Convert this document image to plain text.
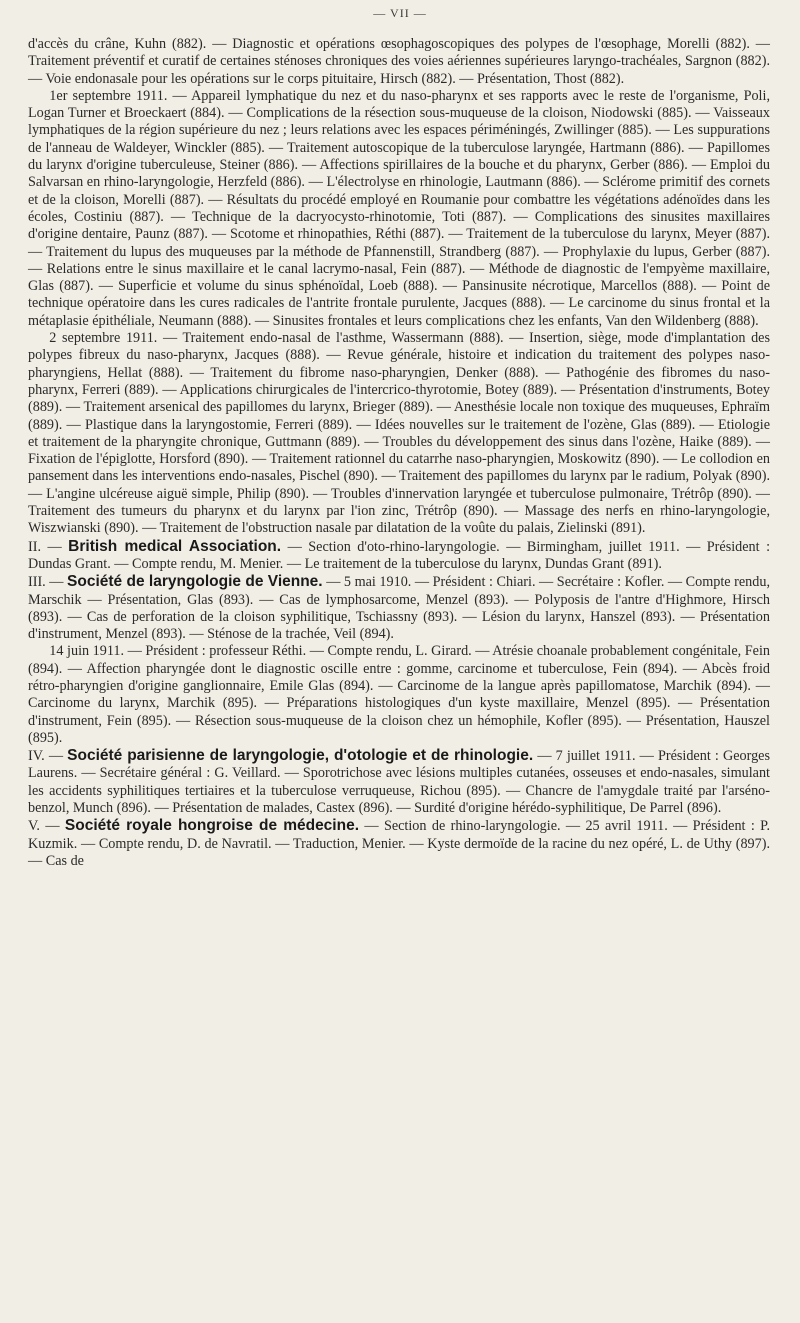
— VII —

d'accès du crâne, Kuhn (882). — Diagnostic et opérations œsophagoscopiques des polypes de l'œsophage, Morelli (882). — Traitement préventif et curatif de certaines sténoses chroniques des voies aériennes supérieures laryngo-trachéales, Sargnon (882). — Voie endonasale pour les opérations sur le corps pituitaire, Hirsch (882). — Présentation, Thost (882).

1er septembre 1911. — Appareil lymphatique du nez et du naso-pharynx et ses rapports avec le reste de l'organisme, Poli, Logan Turner et Broeckaert (884). — Complications de la résection sous-muqueuse de la cloison, Niodowski (885). — Vaisseaux lymphatiques de la région supérieure du nez ; leurs relations avec les espaces périméningés, Zwillinger (885). — Les suppurations de l'anneau de Waldeyer, Winckler (885). — Traitement autoscopique de la tuberculose laryngée, Hartmann (886). — Papillomes du larynx d'origine tuberculeuse, Steiner (886). — Affections spirillaires de la bouche et du pharynx, Gerber (886). — Emploi du Salvarsan en rhino-laryngologie, Herzfeld (886). — L'électrolyse en rhinologie, Lautmann (886). — Sclérome primitif des cornets et de la cloison, Morelli (887). — Résultats du procédé employé en Roumanie pour combattre les végétations adénoïdes dans les écoles, Costiniu (887). — Technique de la dacryocysto-rhinotomie, Toti (887). — Complications des sinusites maxillaires d'origine dentaire, Paunz (887). — Scotome et rhinopathies, Réthi (887). — Traitement de la tuberculose du larynx, Meyer (887). — Traitement du lupus des muqueuses par la méthode de Pfannenstill, Strandberg (887). — Prophylaxie du lupus, Gerber (887). — Relations entre le sinus maxillaire et le canal lacrymo-nasal, Fein (887). — Méthode de diagnostic de l'empyème maxillaire, Glas (887). — Superficie et volume du sinus sphénoïdal, Loeb (888). — Pansinusite nécrotique, Marcellos (888). — Point de technique opératoire dans les cures radicales de l'antrite frontale purulente, Jacques (888). — Le carcinome du sinus frontal et la métaplasie épithéliale, Neumann (888). — Sinusites frontales et leurs complications chez les enfants, Van den Wildenberg (888).

2 septembre 1911. — Traitement endo-nasal de l'asthme, Wassermann (888). — Insertion, siège, mode d'implantation des polypes fibreux du naso-pharynx, Jacques (888). — Revue générale, histoire et indication du traitement des polypes naso-pharyngiens, Hellat (888). — Traitement du fibrome naso-pharyngien, Denker (888). — Pathogénie des fibromes du naso-pharynx, Ferreri (889). — Applications chirurgicales de l'intercrico-thyrotomie, Botey (889). — Présentation d'instruments, Botey (889). — Traitement arsenical des papillomes du larynx, Brieger (889). — Anesthésie locale non toxique des muqueuses, Ephraïm (889). — Plastique dans la laryngostomie, Ferreri (889). — Idées nouvelles sur le traitement de l'ozène, Glas (889). — Etiologie et traitement de la pharyngite chronique, Guttmann (889). — Troubles du développement des sinus dans l'ozène, Haike (889). — Fixation de l'épiglotte, Horsford (890). — Traitement rationnel du catarrhe naso-pharyngien, Moskowitz (890). — Le collodion en pansement dans les interventions endo-nasales, Pischel (890). — Traitement des papillomes du larynx par le radium, Polyak (890). — L'angine ulcéreuse aiguë simple, Philip (890). — Troubles d'innervation laryngée et tuberculose pulmonaire, Trétrôp (890). — Traitement des tumeurs du pharynx et du larynx par l'ion zinc, Trétrôp (890). — Massage des nerfs en rhino-laryngologie, Wiszwianski (890). — Traitement de l'obstruction nasale par dilatation de la voûte du palais, Zielinski (891).

II. — British medical Association. — Section d'oto-rhino-laryngologie. — Birmingham, juillet 1911. — Président : Dundas Grant. — Compte rendu, M. Menier. — Le traitement de la tuberculose du larynx, Dundas Grant (891).

III. — Société de laryngologie de Vienne. — 5 mai 1910. — Président : Chiari. — Secrétaire : Kofler. — Compte rendu, Marschik — Présentation, Glas (893). — Cas de lymphosarcome, Menzel (893). — Polyposis de l'antre d'Highmore, Hirsch (893). — Cas de perforation de la cloison syphilitique, Tschiassny (893). — Lésion du larynx, Hanszel (893). — Présentation d'instrument, Menzel (893). — Sténose de la trachée, Veil (894).

14 juin 1911. — Président : professeur Réthi. — Compte rendu, L. Girard. — Atrésie choanale probablement congénitale, Fein (894). — Affection pharyngée dont le diagnostic oscille entre : gomme, carcinome et tuberculose, Fein (894). — Abcès froid rétro-pharyngien d'origine ganglionnaire, Emile Glas (894). — Carcinome de la langue après papillomatose, Marchik (894). — Carcinome du larynx, Marchik (895). — Préparations histologiques d'un kyste maxillaire, Menzel (895). — Présentation d'instrument, Fein (895). — Résection sous-muqueuse de la cloison chez un hémophile, Kofler (895). — Présentation, Hauszel (895).

IV. — Société parisienne de laryngologie, d'otologie et de rhinologie. — 7 juillet 1911. — Président : Georges Laurens. — Secrétaire général : G. Veillard. — Sporotrichose avec lésions multiples cutanées, osseuses et endo-nasales, simulant les accidents syphilitiques tertiaires et la tuberculose verruqueuse, Richou (895). — Chancre de l'amygdale traité par l'arséno-benzol, Munch (896). — Présentation de malades, Castex (896). — Surdité d'origine hérédo-syphilitique, De Parrel (896).

V. — Société royale hongroise de médecine. — Section de rhino-laryngologie. — 25 avril 1911. — Président : P. Kuzmik. — Compte rendu, D. de Navratil. — Traduction, Menier. — Kyste dermoïde de la racine du nez opéré, L. de Uthy (897). — Cas de
